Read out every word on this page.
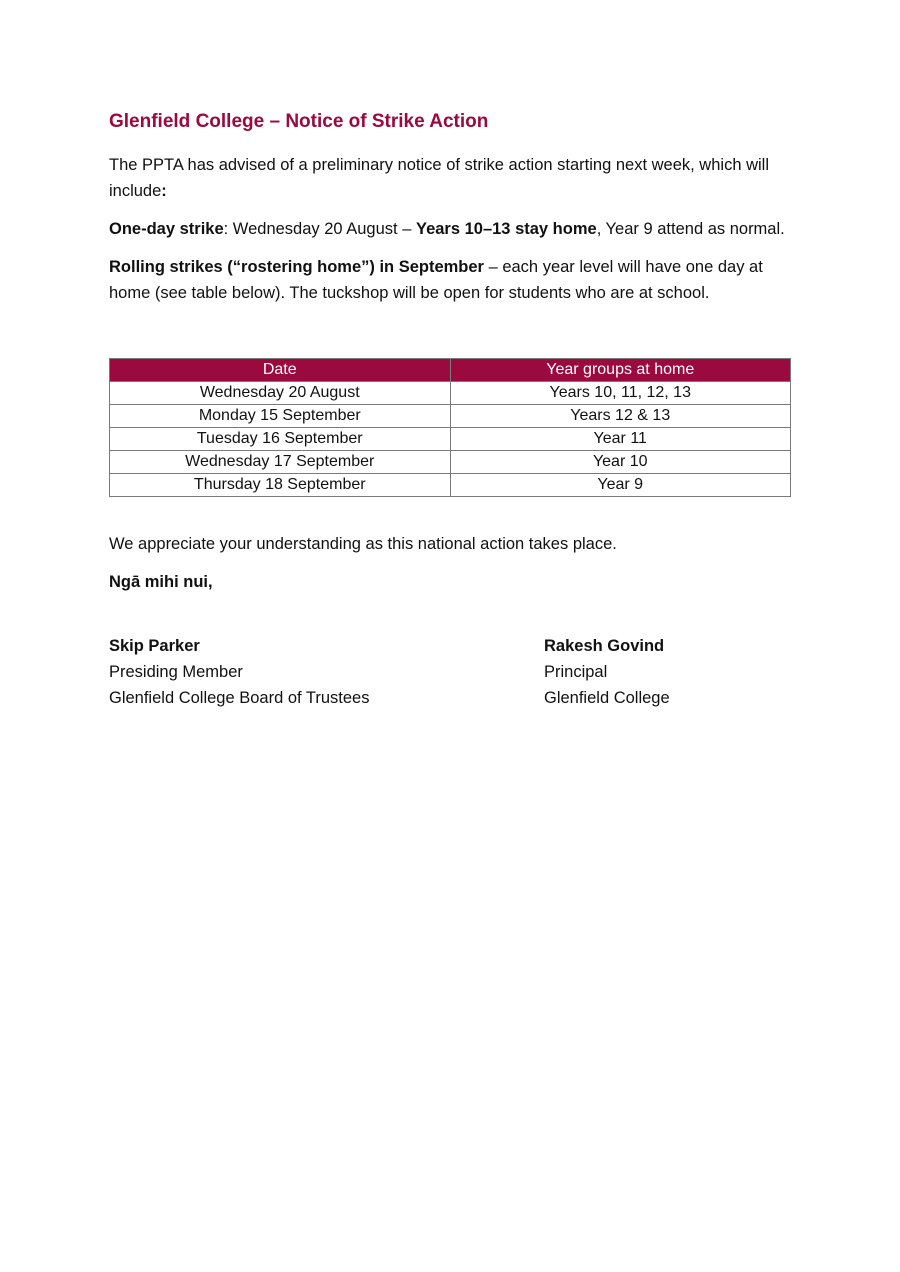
Glenfield College – Notice of Strike Action

The PPTA has advised of a preliminary notice of strike action starting next week, which will include:

One-day strike: Wednesday 20 August – Years 10–13 stay home, Year 9 attend as normal.

Rolling strikes (“rostering home”) in September – each year level will have one day at home (see table below). The tuckshop will be open for students who are at school.

Date	Year groups at home
Wednesday 20 August	Years 10, 11, 12, 13
Monday 15 September	Years 12 & 13
Tuesday 16 September	Year 11
Wednesday 17 September	Year 10
Thursday 18 September	Year 9

We appreciate your understanding as this national action takes place.

Ngā mihi nui,

Skip Parker
Presiding Member
Glenfield College Board of Trustees
Rakesh Govind
Principal
Glenfield College
